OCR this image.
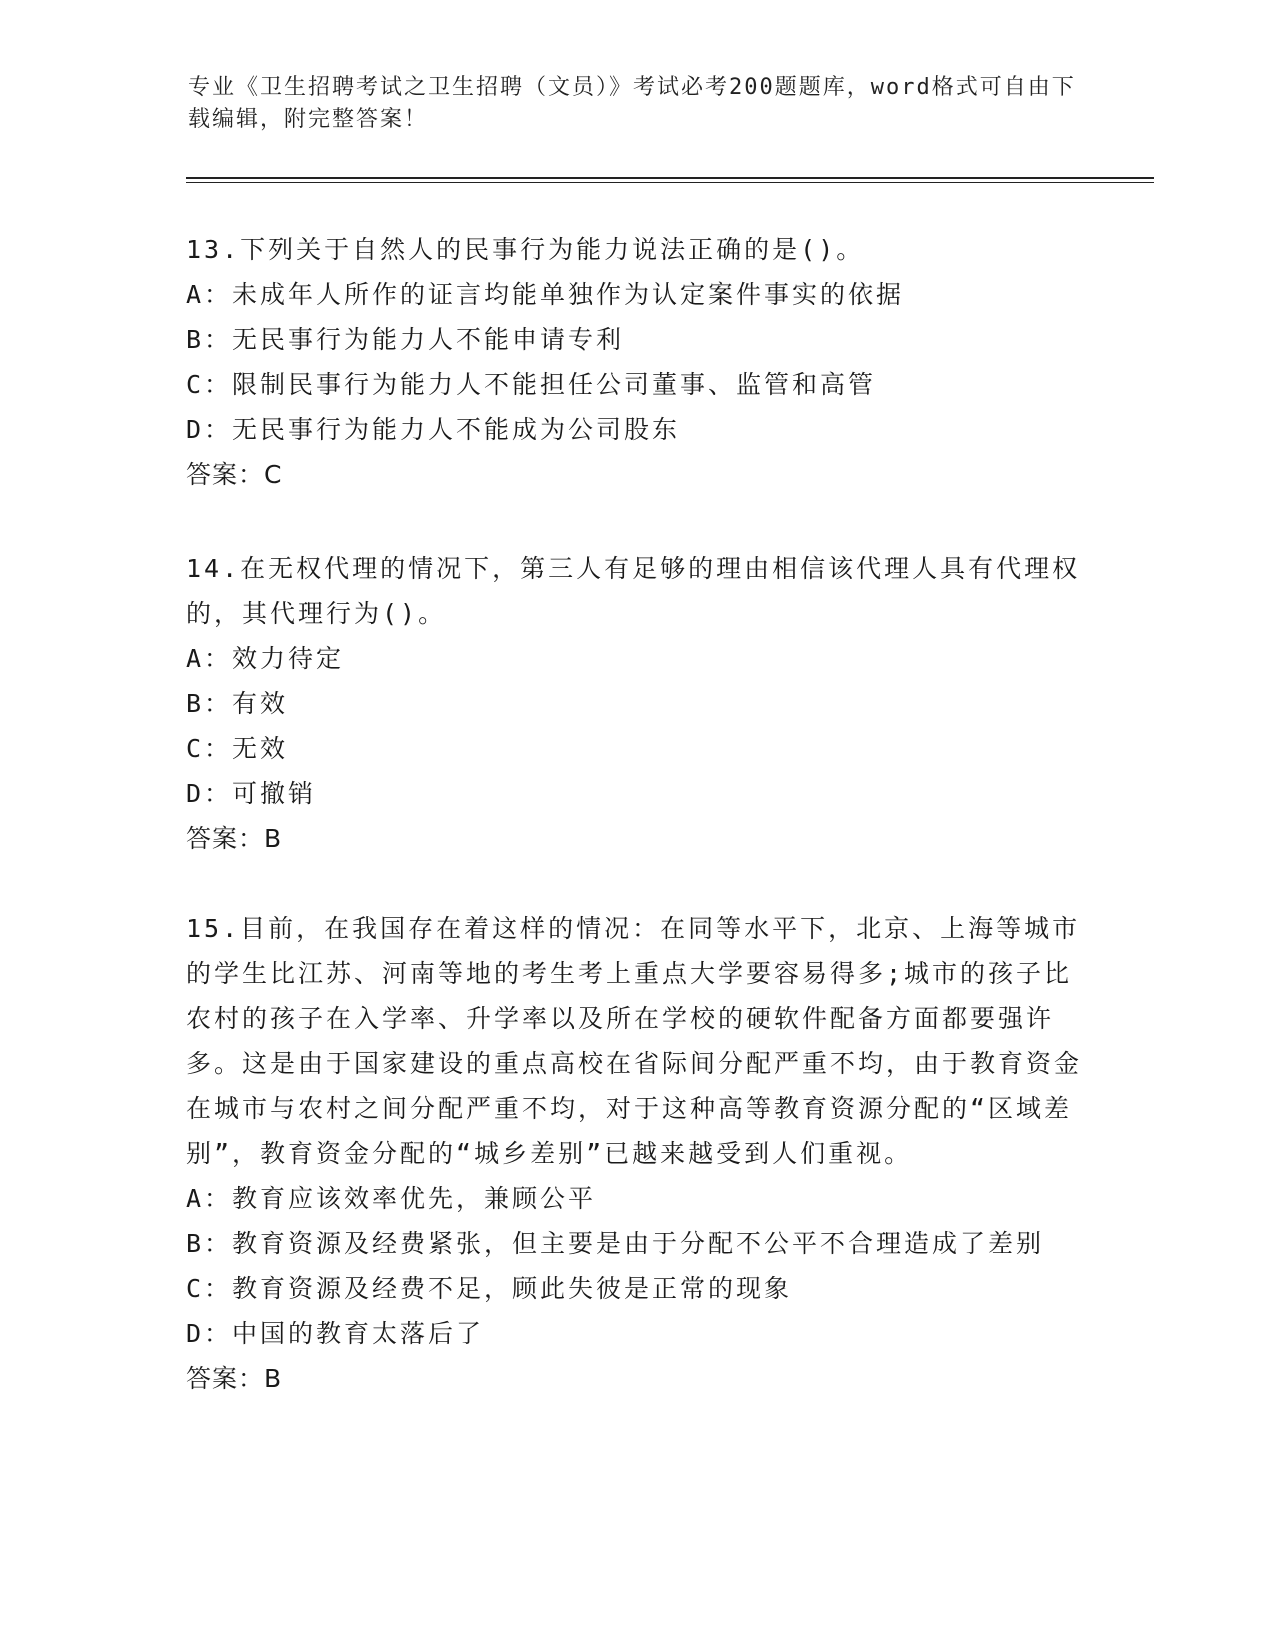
专业《卫生招聘考试之卫生招聘（文员）》考试必考200题题库，word格式可自由下载编辑，附完整答案！

13.下列关于自然人的民事行为能力说法正确的是()。

A：未成年人所作的证言均能单独作为认定案件事实的依据

B：无民事行为能力人不能申请专利

C：限制民事行为能力人不能担任公司董事、监管和高管

D：无民事行为能力人不能成为公司股东

答案：C

14.在无权代理的情况下，第三人有足够的理由相信该代理人具有代理权的，其代理行为()。

A：效力待定

B：有效

C：无效

D：可撤销

答案：B

15.目前，在我国存在着这样的情况：在同等水平下，北京、上海等城市的学生比江苏、河南等地的考生考上重点大学要容易得多;城市的孩子比农村的孩子在入学率、升学率以及所在学校的硬软件配备方面都要强许多。这是由于国家建设的重点高校在省际间分配严重不均，由于教育资金在城市与农村之间分配严重不均，对于这种高等教育资源分配的“区域差别”，教育资金分配的“城乡差别”已越来越受到人们重视。

A：教育应该效率优先，兼顾公平

B：教育资源及经费紧张，但主要是由于分配不公平不合理造成了差别

C：教育资源及经费不足，顾此失彼是正常的现象

D：中国的教育太落后了

答案：B
